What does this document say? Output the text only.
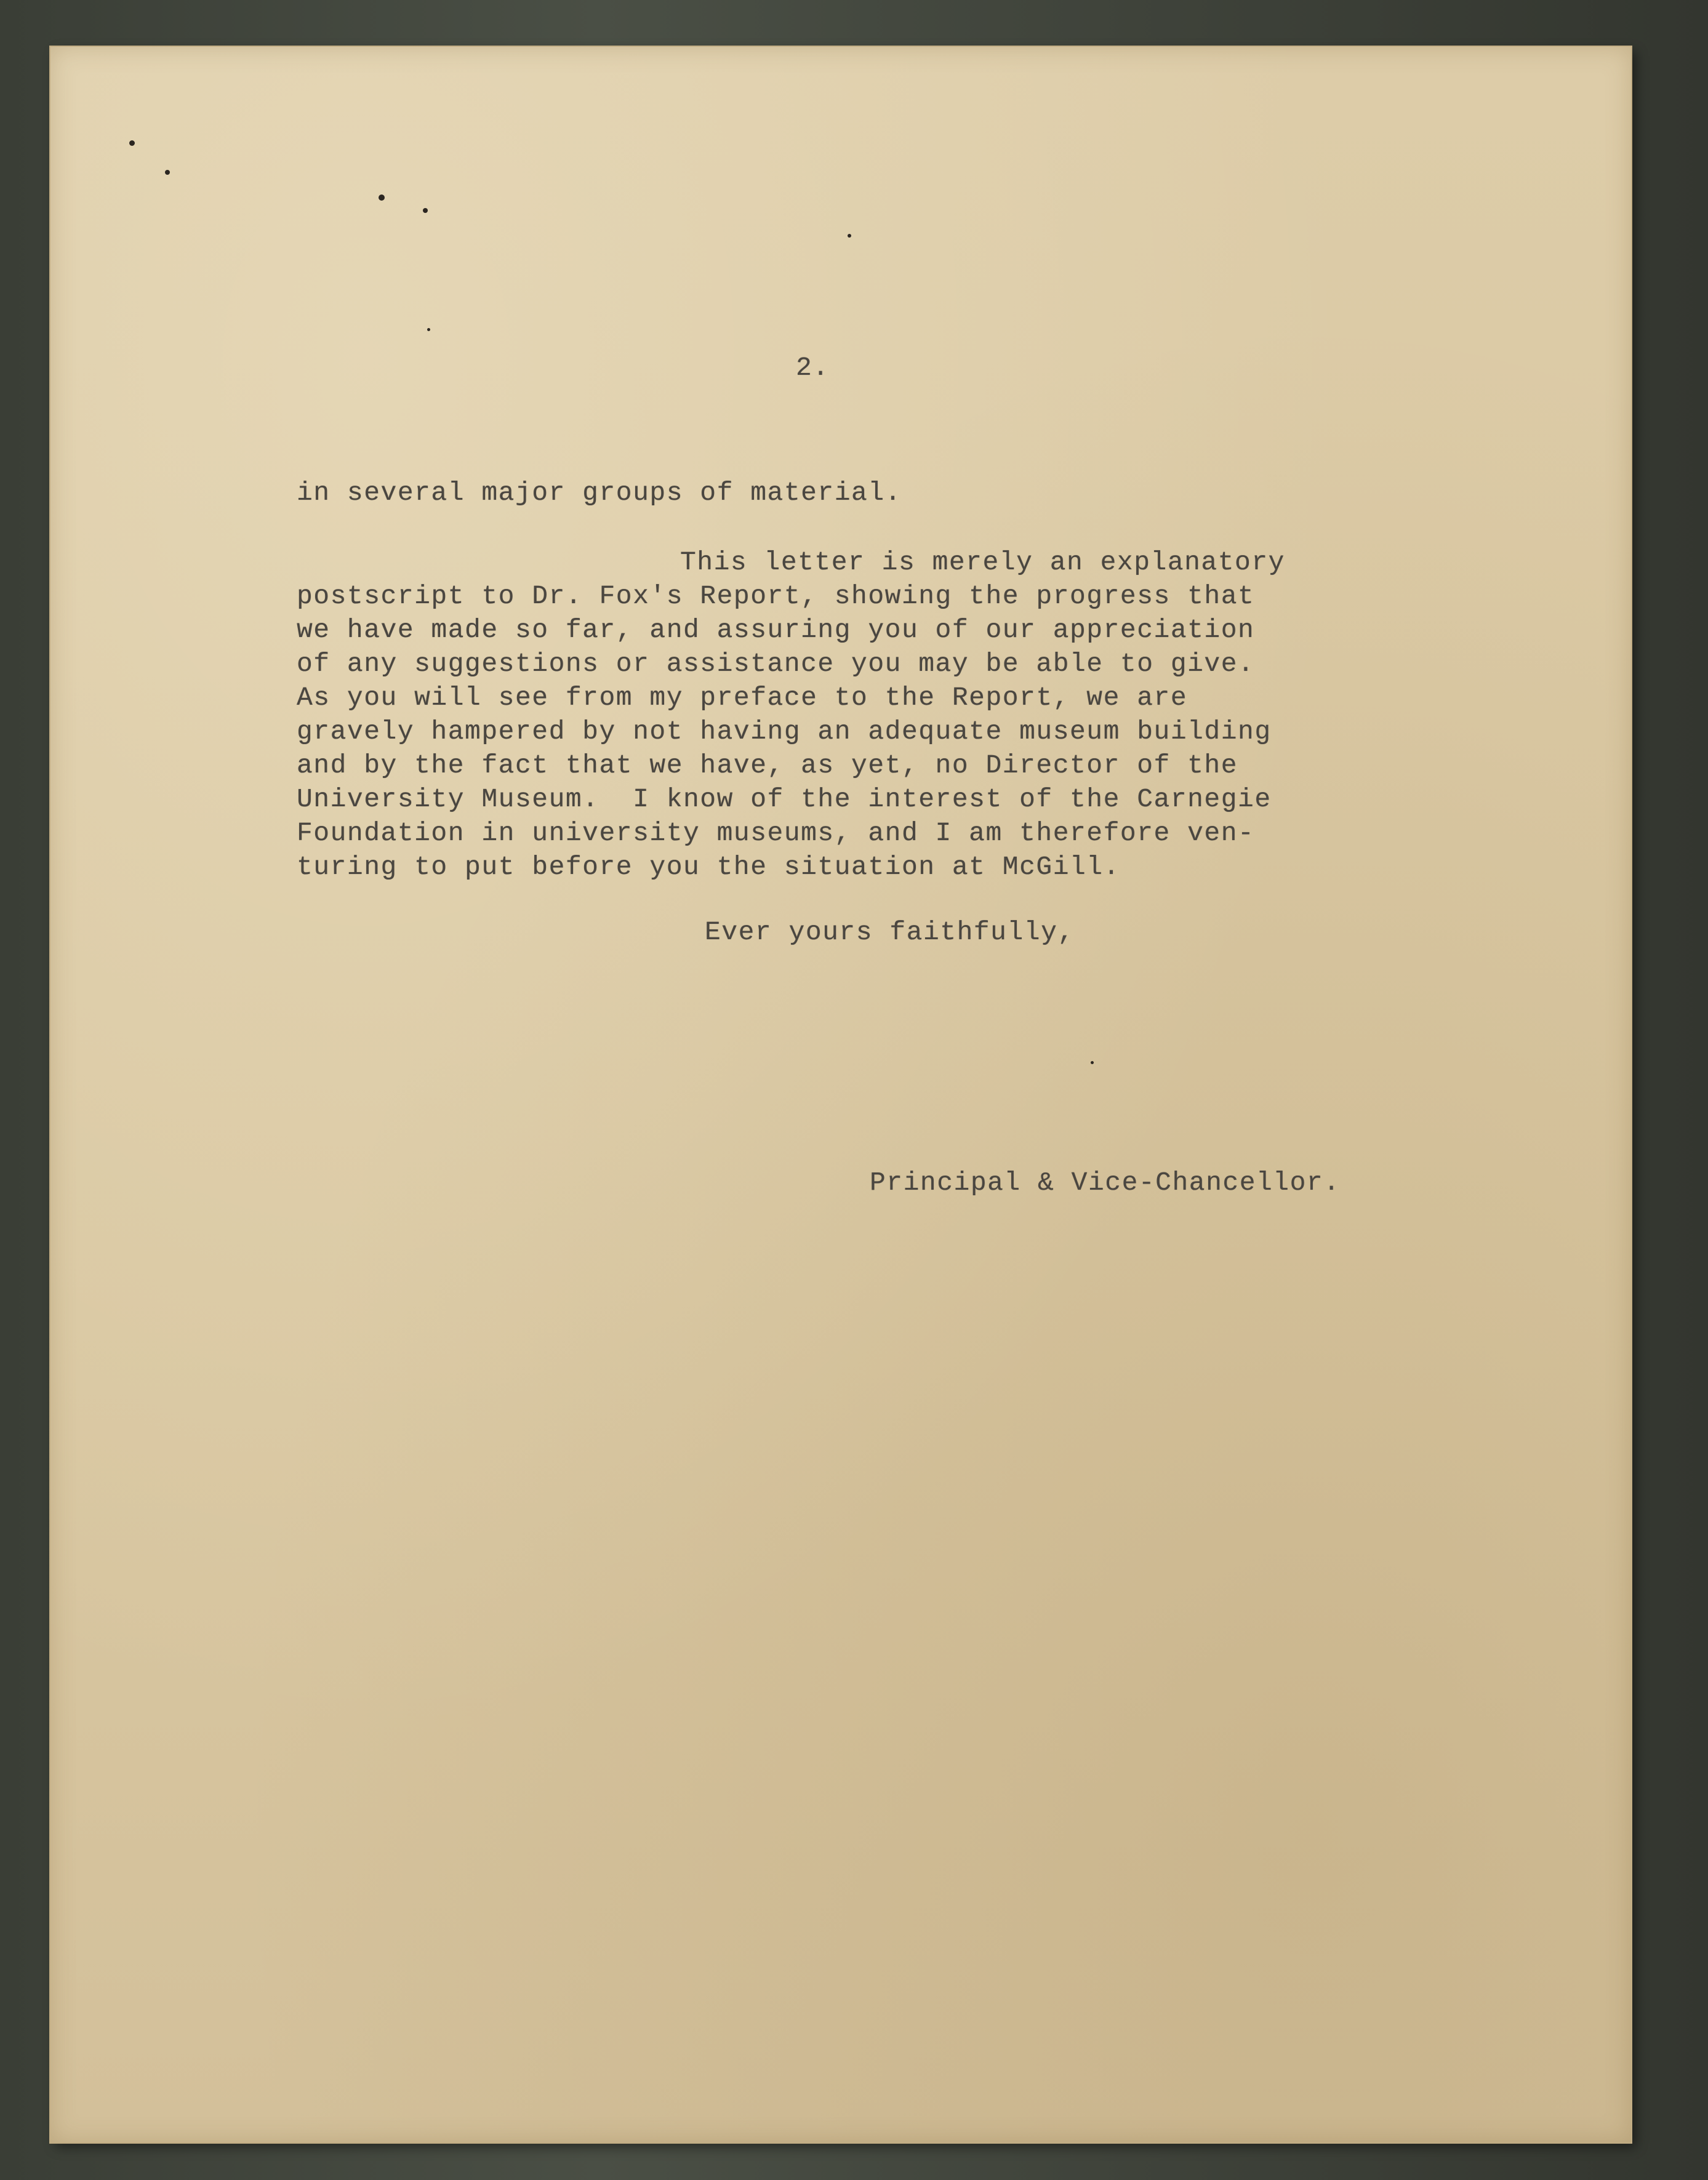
2.
in several major groups of material.
This letter is merely an explanatory
postscript to Dr. Fox's Report, showing the progress that
we have made so far, and assuring you of our appreciation
of any suggestions or assistance you may be able to give.
As you will see from my preface to the Report, we are
gravely hampered by not having an adequate museum building
and by the fact that we have, as yet, no Director of the
University Museum.  I know of the interest of the Carnegie
Foundation in university museums, and I am therefore ven-
turing to put before you the situation at McGill.
Ever yours faithfully,
Principal & Vice-Chancellor.
